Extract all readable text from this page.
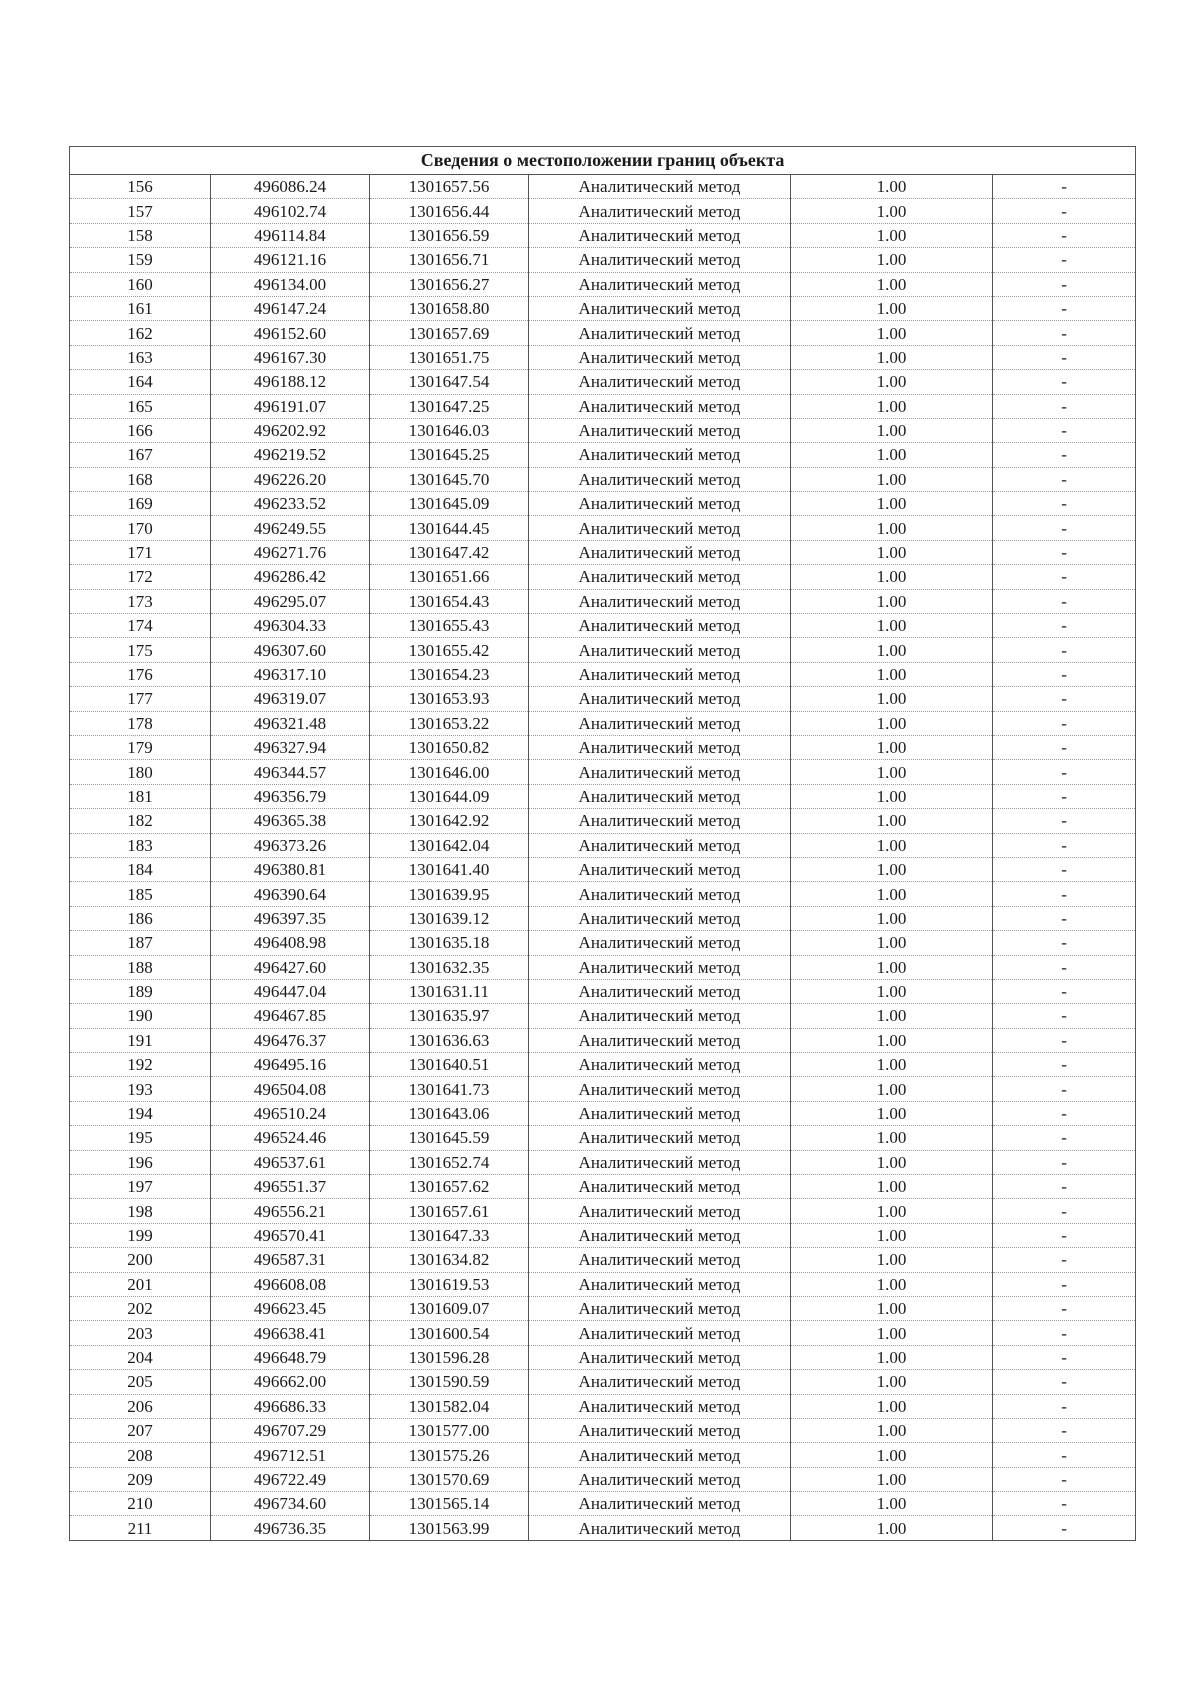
Сведения о местоположении границ объекта					
156	496086.24	1301657.56	Аналитический метод	1.00	-
157	496102.74	1301656.44	Аналитический метод	1.00	-
158	496114.84	1301656.59	Аналитический метод	1.00	-
159	496121.16	1301656.71	Аналитический метод	1.00	-
160	496134.00	1301656.27	Аналитический метод	1.00	-
161	496147.24	1301658.80	Аналитический метод	1.00	-
162	496152.60	1301657.69	Аналитический метод	1.00	-
163	496167.30	1301651.75	Аналитический метод	1.00	-
164	496188.12	1301647.54	Аналитический метод	1.00	-
165	496191.07	1301647.25	Аналитический метод	1.00	-
166	496202.92	1301646.03	Аналитический метод	1.00	-
167	496219.52	1301645.25	Аналитический метод	1.00	-
168	496226.20	1301645.70	Аналитический метод	1.00	-
169	496233.52	1301645.09	Аналитический метод	1.00	-
170	496249.55	1301644.45	Аналитический метод	1.00	-
171	496271.76	1301647.42	Аналитический метод	1.00	-
172	496286.42	1301651.66	Аналитический метод	1.00	-
173	496295.07	1301654.43	Аналитический метод	1.00	-
174	496304.33	1301655.43	Аналитический метод	1.00	-
175	496307.60	1301655.42	Аналитический метод	1.00	-
176	496317.10	1301654.23	Аналитический метод	1.00	-
177	496319.07	1301653.93	Аналитический метод	1.00	-
178	496321.48	1301653.22	Аналитический метод	1.00	-
179	496327.94	1301650.82	Аналитический метод	1.00	-
180	496344.57	1301646.00	Аналитический метод	1.00	-
181	496356.79	1301644.09	Аналитический метод	1.00	-
182	496365.38	1301642.92	Аналитический метод	1.00	-
183	496373.26	1301642.04	Аналитический метод	1.00	-
184	496380.81	1301641.40	Аналитический метод	1.00	-
185	496390.64	1301639.95	Аналитический метод	1.00	-
186	496397.35	1301639.12	Аналитический метод	1.00	-
187	496408.98	1301635.18	Аналитический метод	1.00	-
188	496427.60	1301632.35	Аналитический метод	1.00	-
189	496447.04	1301631.11	Аналитический метод	1.00	-
190	496467.85	1301635.97	Аналитический метод	1.00	-
191	496476.37	1301636.63	Аналитический метод	1.00	-
192	496495.16	1301640.51	Аналитический метод	1.00	-
193	496504.08	1301641.73	Аналитический метод	1.00	-
194	496510.24	1301643.06	Аналитический метод	1.00	-
195	496524.46	1301645.59	Аналитический метод	1.00	-
196	496537.61	1301652.74	Аналитический метод	1.00	-
197	496551.37	1301657.62	Аналитический метод	1.00	-
198	496556.21	1301657.61	Аналитический метод	1.00	-
199	496570.41	1301647.33	Аналитический метод	1.00	-
200	496587.31	1301634.82	Аналитический метод	1.00	-
201	496608.08	1301619.53	Аналитический метод	1.00	-
202	496623.45	1301609.07	Аналитический метод	1.00	-
203	496638.41	1301600.54	Аналитический метод	1.00	-
204	496648.79	1301596.28	Аналитический метод	1.00	-
205	496662.00	1301590.59	Аналитический метод	1.00	-
206	496686.33	1301582.04	Аналитический метод	1.00	-
207	496707.29	1301577.00	Аналитический метод	1.00	-
208	496712.51	1301575.26	Аналитический метод	1.00	-
209	496722.49	1301570.69	Аналитический метод	1.00	-
210	496734.60	1301565.14	Аналитический метод	1.00	-
211	496736.35	1301563.99	Аналитический метод	1.00	-
